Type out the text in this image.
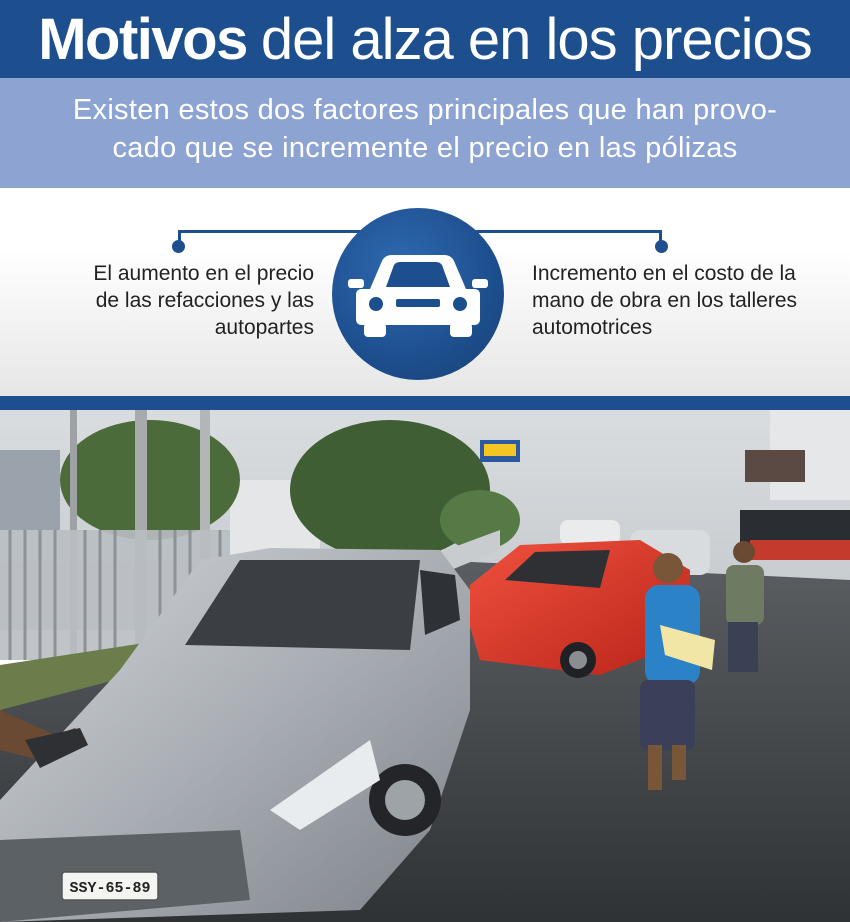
Motivos del alza en los precios
Existen estos dos factores principales que han provo-
cado que se incremente el precio en las pólizas
El aumento en el precio
de las refacciones y las
autopartes
Incremento en el costo de la
mano de obra en los talleres
automotrices
SSY-65-89
